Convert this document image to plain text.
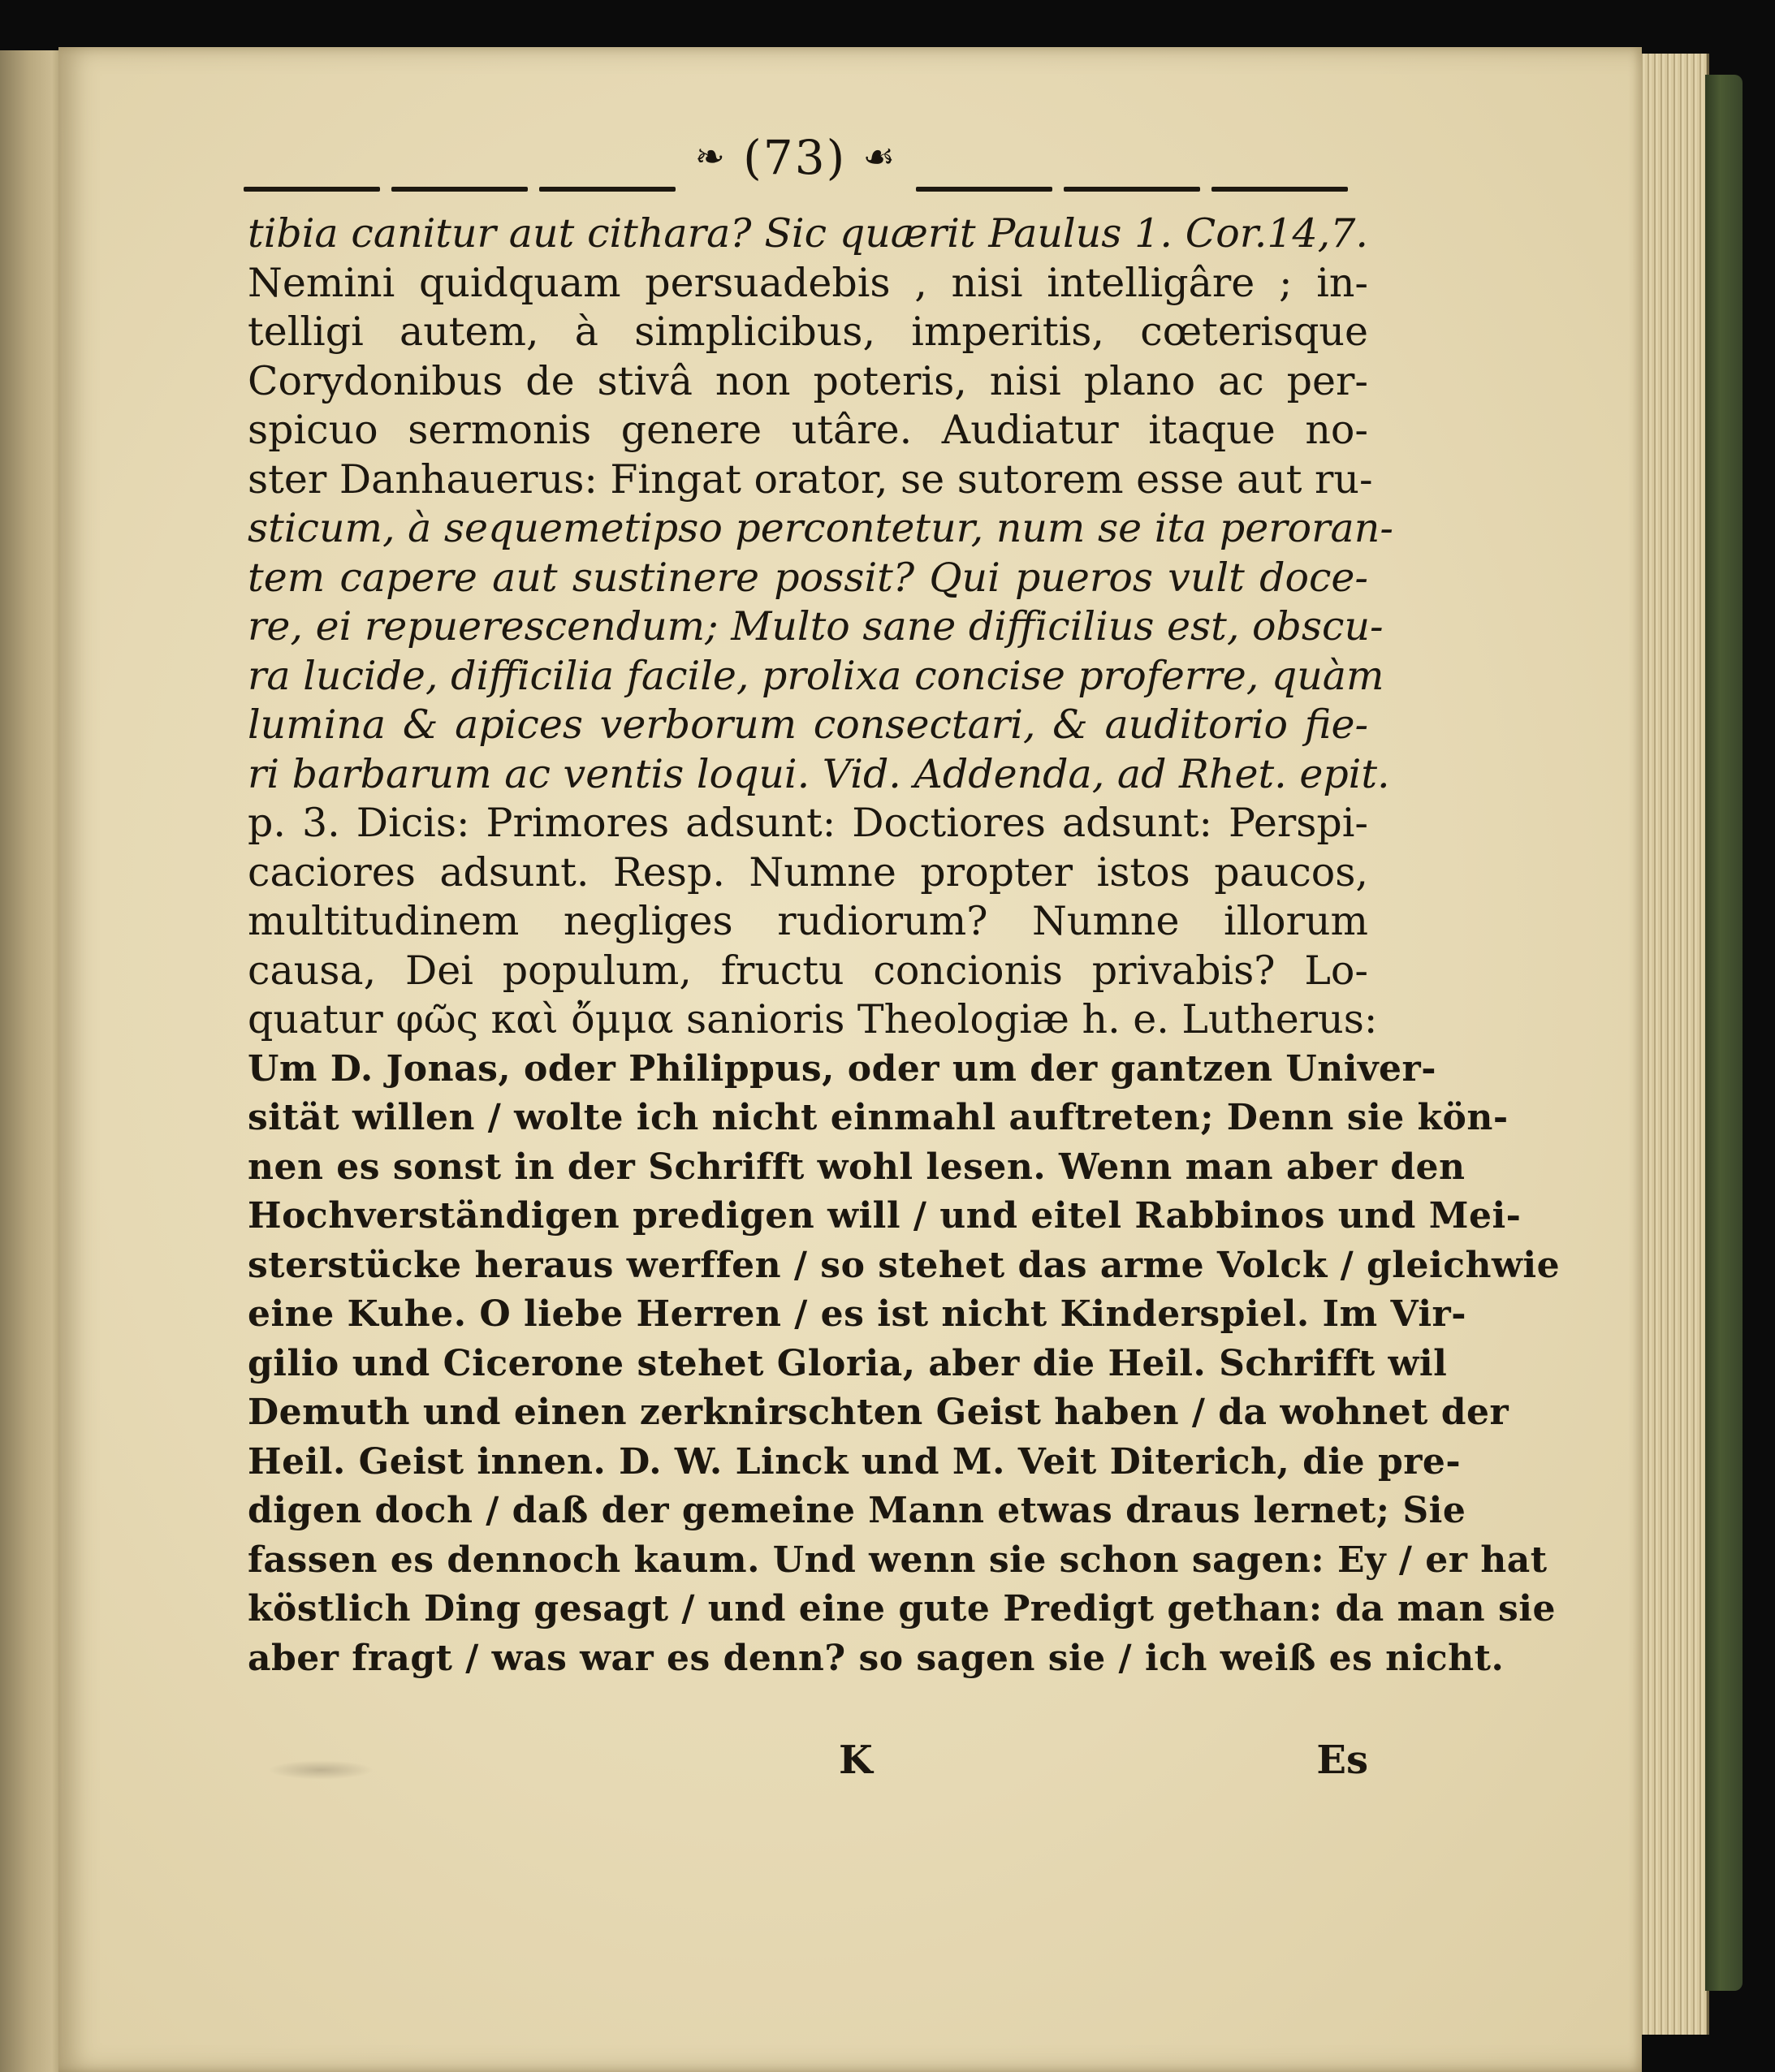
❧ (73) ☙
tibia canitur aut cithara? Sic quærit Paulus 1. Cor.14,7.
Nemini quidquam persuadebis , nisi intelligâre ; in-
telligi autem, à simplicibus, imperitis, cœterisque
Corydonibus de stivâ non poteris, nisi plano ac per-
spicuo sermonis genere utâre. Audiatur itaque no-
ster Danhauerus: Fingat orator, se sutorem esse aut ru-
sticum, à sequemetipso percontetur, num se ita peroran-
tem capere aut sustinere possit? Qui pueros vult doce-
re, ei repuerescendum; Multo sane difficilius est, obscu-
ra lucide, difficilia facile, prolixa concise proferre, quàm
lumina & apices verborum consectari, & auditorio fie-
ri barbarum ac ventis loqui. Vid. Addenda, ad Rhet. epit.
p. 3. Dicis: Primores adsunt: Doctiores adsunt: Perspi-
caciores adsunt. Resp. Numne propter istos paucos,
multitudinem negliges rudiorum? Numne illorum
causa, Dei populum, fructu concionis privabis? Lo-
quatur φῶς καὶ ὄμμα sanioris Theologiæ h. e. Lutherus:
Um D. Jonas, oder Philippus, oder um der gantzen Univer-
sität willen / wolte ich nicht einmahl auftreten; Denn sie kön-
nen es sonst in der Schrifft wohl lesen. Wenn man aber den
Hochverständigen predigen will / und eitel Rabbinos und Mei-
sterstücke heraus werffen / so stehet das arme Volck / gleichwie
eine Kuhe. O liebe Herren / es ist nicht Kinderspiel. Im Vir-
gilio und Cicerone stehet Gloria, aber die Heil. Schrifft wil
Demuth und einen zerknirschten Geist haben / da wohnet der
Heil. Geist innen. D. W. Linck und M. Veit Diterich, die pre-
digen doch / daß der gemeine Mann etwas draus lernet; Sie
fassen es dennoch kaum. Und wenn sie schon sagen: Ey / er hat
köstlich Ding gesagt / und eine gute Predigt gethan: da man sie
aber fragt / was war es denn? so sagen sie / ich weiß es nicht.
K	Es
